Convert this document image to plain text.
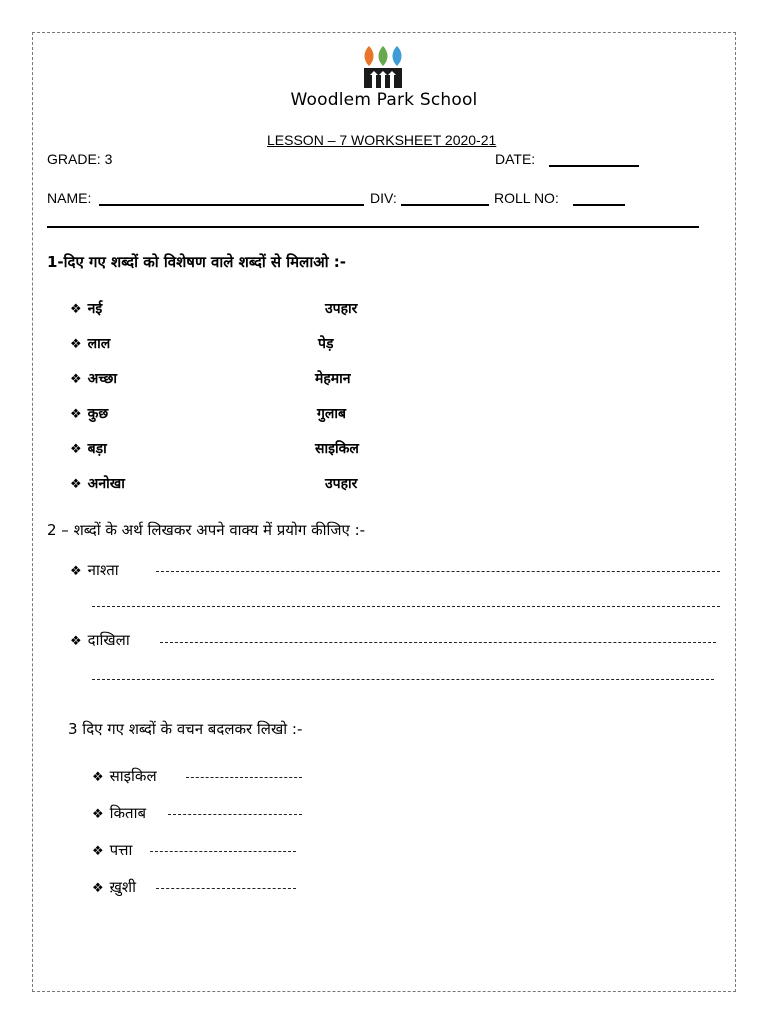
Woodlem Park School
LESSON – 7 WORKSHEET 2020-21
GRADE: 3	DATE:
NAME:	DIV:	ROLL NO:
1-दिए गए शब्दों को विशेषण वाले शब्दों से मिलाओ :-
❖ नई	उपहार
❖ लाल	पेड़
❖ अच्छा	मेहमान
❖ कुछ	गुलाब
❖ बड़ा	साइकिल
❖ अनोखा	उपहार
2 – शब्दों के अर्थ लिखकर अपने वाक्य में प्रयोग कीजिए :-
❖ नाश्ता
❖ दाखिला
3 दिए गए शब्दों के वचन बदलकर लिखो :-
❖ साइकिल
❖ किताब
❖ पत्ता
❖ ख़ुशी
